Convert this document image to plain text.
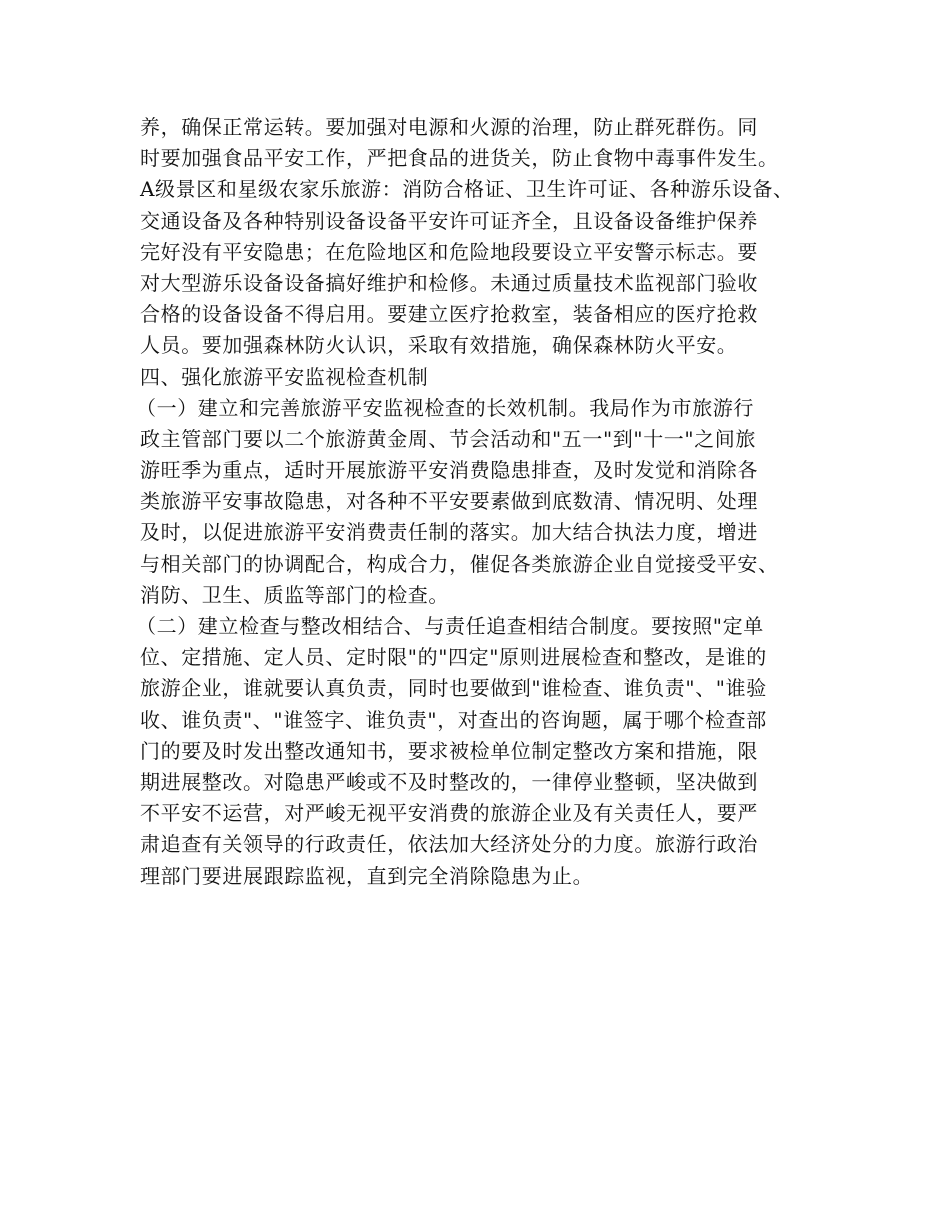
养，确保正常运转。要加强对电源和火源的治理，防止群死群伤。同
时要加强食品平安工作，严把食品的进货关，防止食物中毒事件发生。
A级景区和星级农家乐旅游：消防合格证、卫生许可证、各种游乐设备、
交通设备及各种特别设备设备平安许可证齐全，且设备设备维护保养
完好没有平安隐患；在危险地区和危险地段要设立平安警示标志。要
对大型游乐设备设备搞好维护和检修。未通过质量技术监视部门验收
合格的设备设备不得启用。要建立医疗抢救室，装备相应的医疗抢救
人员。要加强森林防火认识，采取有效措施，确保森林防火平安。
四、强化旅游平安监视检查机制
（一）建立和完善旅游平安监视检查的长效机制。我局作为市旅游行
政主管部门要以二个旅游黄金周、节会活动和"五一"到"十一"之间旅
游旺季为重点，适时开展旅游平安消费隐患排查，及时发觉和消除各
类旅游平安事故隐患，对各种不平安要素做到底数清、情况明、处理
及时，以促进旅游平安消费责任制的落实。加大结合执法力度，增进
与相关部门的协调配合，构成合力，催促各类旅游企业自觉接受平安、
消防、卫生、质监等部门的检查。
（二）建立检查与整改相结合、与责任追查相结合制度。要按照"定单
位、定措施、定人员、定时限"的"四定"原则进展检查和整改，是谁的
旅游企业，谁就要认真负责，同时也要做到"谁检查、谁负责"、"谁验
收、谁负责"、"谁签字、谁负责"，对查出的咨询题，属于哪个检查部
门的要及时发出整改通知书，要求被检单位制定整改方案和措施，限
期进展整改。对隐患严峻或不及时整改的，一律停业整顿，坚决做到
不平安不运营，对严峻无视平安消费的旅游企业及有关责任人，要严
肃追查有关领导的行政责任，依法加大经济处分的力度。旅游行政治
理部门要进展跟踪监视，直到完全消除隐患为止。
